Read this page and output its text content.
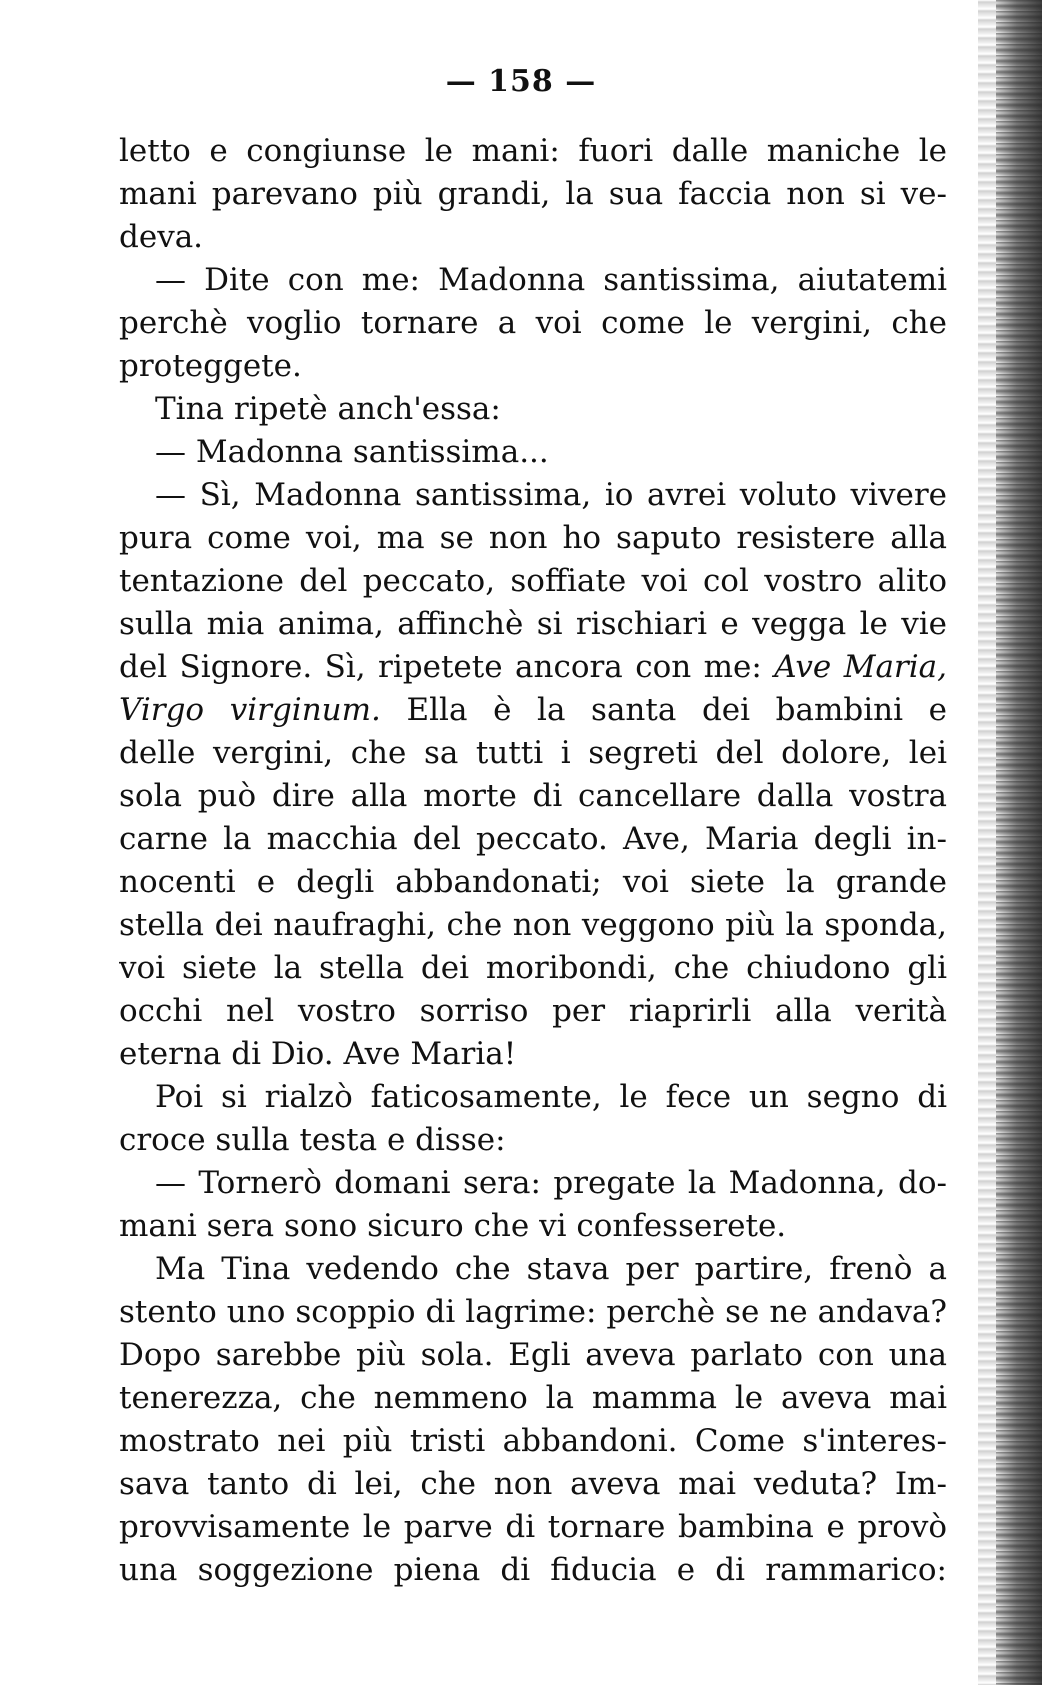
— 158 —
letto e congiunse le mani: fuori dalle maniche le
mani parevano più grandi, la sua faccia non si ve-
deva.
— Dite con me: Madonna santissima, aiutatemi
perchè voglio tornare a voi come le vergini, che
proteggete.
Tina ripetè anch'essa:
— Madonna santissima...
— Sì, Madonna santissima, io avrei voluto vivere
pura come voi, ma se non ho saputo resistere alla
tentazione del peccato, soffiate voi col vostro alito
sulla mia anima, affinchè si rischiari e vegga le vie
del Signore. Sì, ripetete ancora con me: Ave Maria,
Virgo virginum. Ella è la santa dei bambini e
delle vergini, che sa tutti i segreti del dolore, lei
sola può dire alla morte di cancellare dalla vostra
carne la macchia del peccato. Ave, Maria degli in-
nocenti e degli abbandonati; voi siete la grande
stella dei naufraghi, che non veggono più la sponda,
voi siete la stella dei moribondi, che chiudono gli
occhi nel vostro sorriso per riaprirli alla verità
eterna di Dio. Ave Maria!
Poi si rialzò faticosamente, le fece un segno di
croce sulla testa e disse:
— Tornerò domani sera: pregate la Madonna, do-
mani sera sono sicuro che vi confesserete.
Ma Tina vedendo che stava per partire, frenò a
stento uno scoppio di lagrime: perchè se ne andava?
Dopo sarebbe più sola. Egli aveva parlato con una
tenerezza, che nemmeno la mamma le aveva mai
mostrato nei più tristi abbandoni. Come s'interes-
sava tanto di lei, che non aveva mai veduta? Im-
provvisamente le parve di tornare bambina e provò
una soggezione piena di fiducia e di rammarico:
